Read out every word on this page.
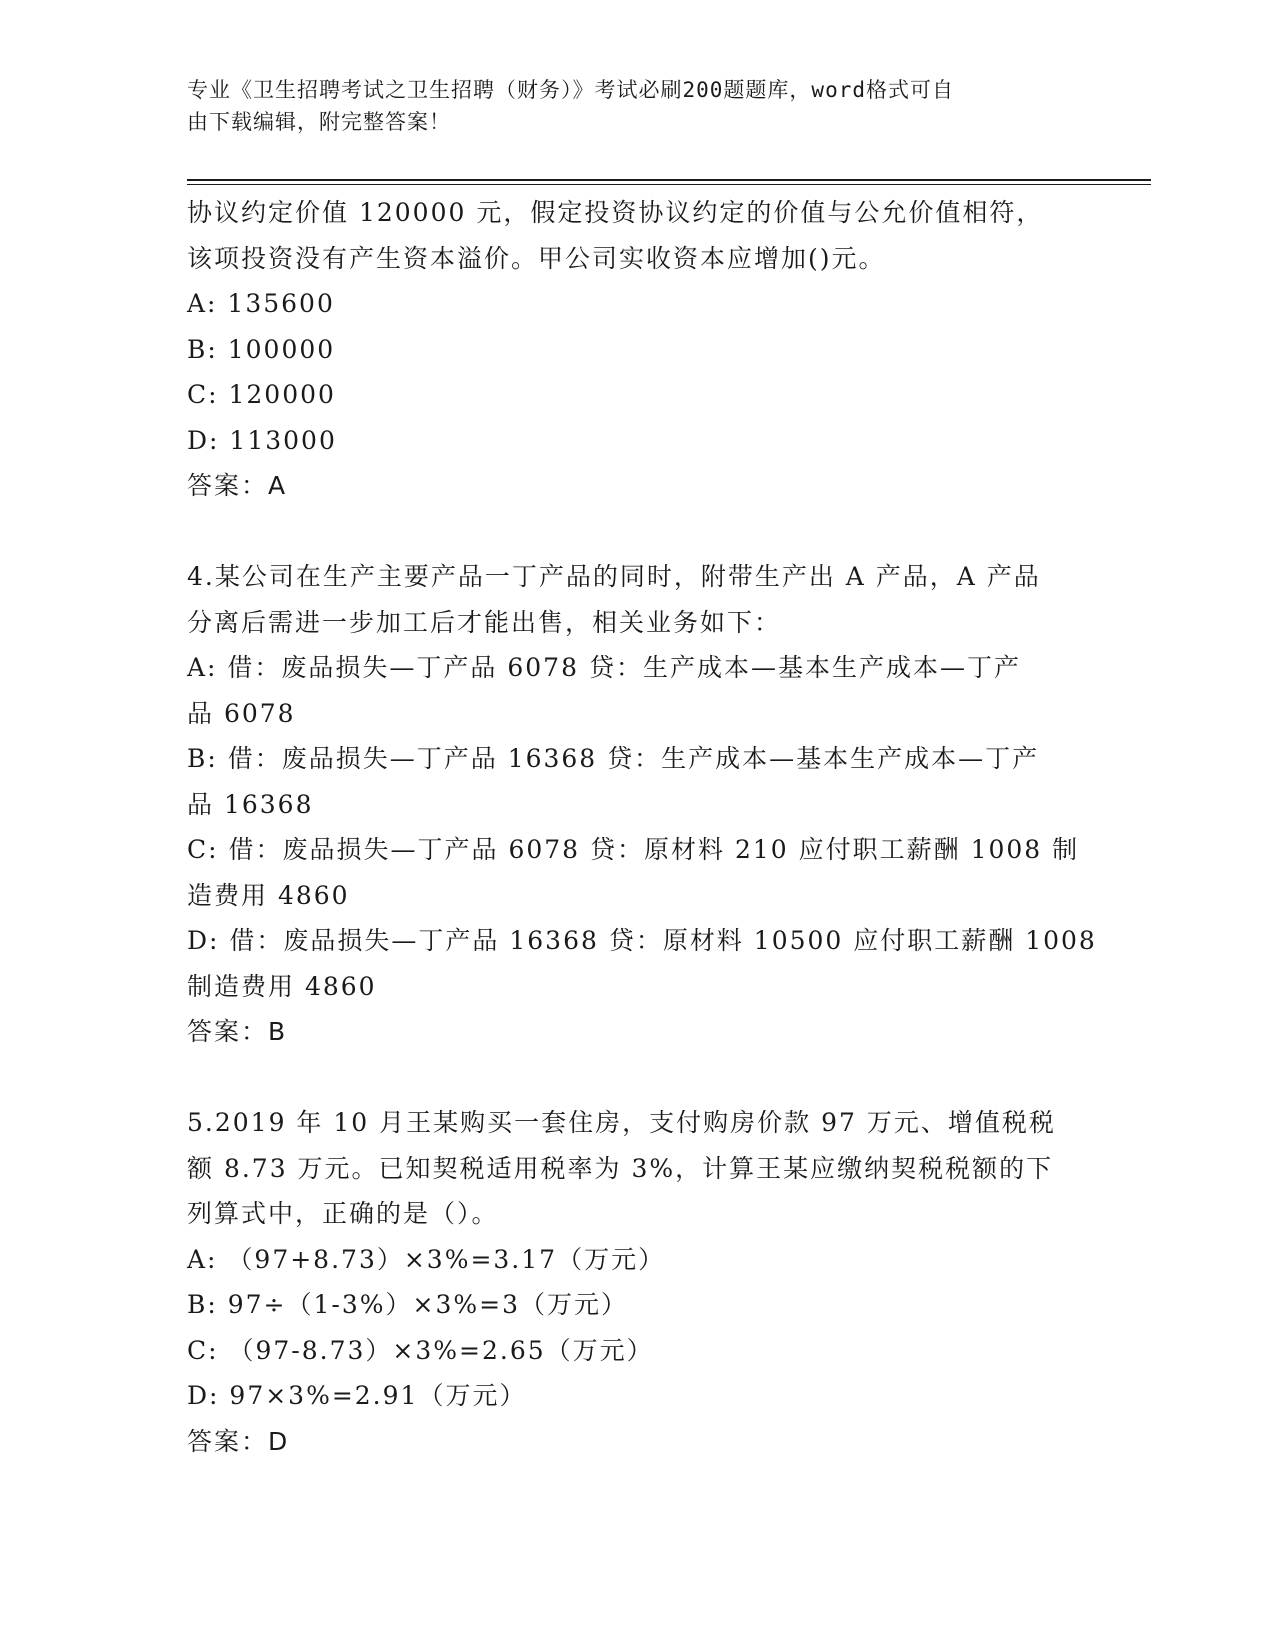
专业《卫生招聘考试之卫生招聘（财务）》考试必刷200题题库，word格式可自
由下载编辑，附完整答案！
协议约定价值 120000 元，假定投资协议约定的价值与公允价值相符，
该项投资没有产生资本溢价。甲公司实收资本应增加()元。
A: 135600
B: 100000
C: 120000
D: 113000
答案：A
4.某公司在生产主要产品一丁产品的同时，附带生产出 A 产品，A 产品
分离后需进一步加工后才能出售，相关业务如下：
A: 借：废品损失—丁产品 6078 贷：生产成本—基本生产成本—丁产
品 6078
B: 借：废品损失—丁产品 16368 贷：生产成本—基本生产成本—丁产
品 16368
C: 借：废品损失—丁产品 6078 贷：原材料 210 应付职工薪酬 1008 制
造费用 4860
D: 借：废品损失—丁产品 16368 贷：原材料 10500 应付职工薪酬 1008
制造费用 4860
答案：B
5.2019 年 10 月王某购买一套住房，支付购房价款 97 万元、增值税税
额 8.73 万元。已知契税适用税率为 3%，计算王某应缴纳契税税额的下
列算式中，正确的是（）。
A: （97+8.73）×3%=3.17（万元）
B: 97÷（1-3%）×3%=3（万元）
C: （97-8.73）×3%=2.65（万元）
D: 97×3%=2.91（万元）
答案：D
